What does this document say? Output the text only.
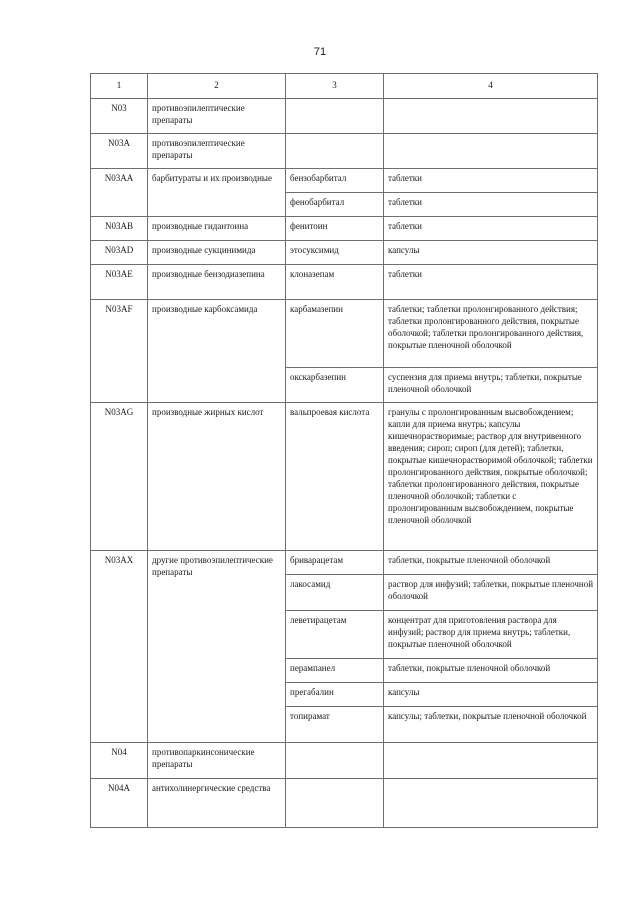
71
1	2	3	4
N03	противоэпилептические препараты		
N03A	противоэпилептические препараты		
N03AA	барбитураты и их производные	бензобарбитал	таблетки
		фенобарбитал	таблетки
N03AB	производные гидантоина	фенитоин	таблетки
N03AD	производные сукцинимида	этосуксимид	капсулы
N03AE	производные бензодиазепина	клоназепам	таблетки
N03AF	производные карбоксамида	карбамазепин	таблетки; таблетки пролонгированного действия; таблетки пролонгированного действия, покрытые оболочкой; таблетки пролонгированного действия, покрытые пленочной оболочкой
		окскарбазепин	суспензия для приема внутрь; таблетки, покрытые пленочной оболочкой
N03AG	производные жирных кислот	вальпроевая кислота	гранулы с пролонгированным высвобождением; капли для приема внутрь; капсулы кишечнорастворимые; раствор для внутривенного введения; сироп; сироп (для детей); таблетки, покрытые кишечнорастворимой оболочкой; таблетки пролонгированного действия, покрытые оболочкой; таблетки пролонгированного действия, покрытые пленочной оболочкой; таблетки с пролонгированным высвобождением, покрытые пленочной оболочкой
N03AX	другие противоэпилептические препараты	бриварацетам	таблетки, покрытые пленочной оболочкой
		лакосамид	раствор для инфузий; таблетки, покрытые пленочной оболочкой
		леветирацетам	концентрат для приготовления раствора для инфузий; раствор для приема внутрь; таблетки, покрытые пленочной оболочкой
		перампанел	таблетки, покрытые пленочной оболочкой
		прегабалин	капсулы
		топирамат	капсулы; таблетки, покрытые пленочной оболочкой
N04	противопаркинсонические препараты		
N04A	антихолинергические средства		
